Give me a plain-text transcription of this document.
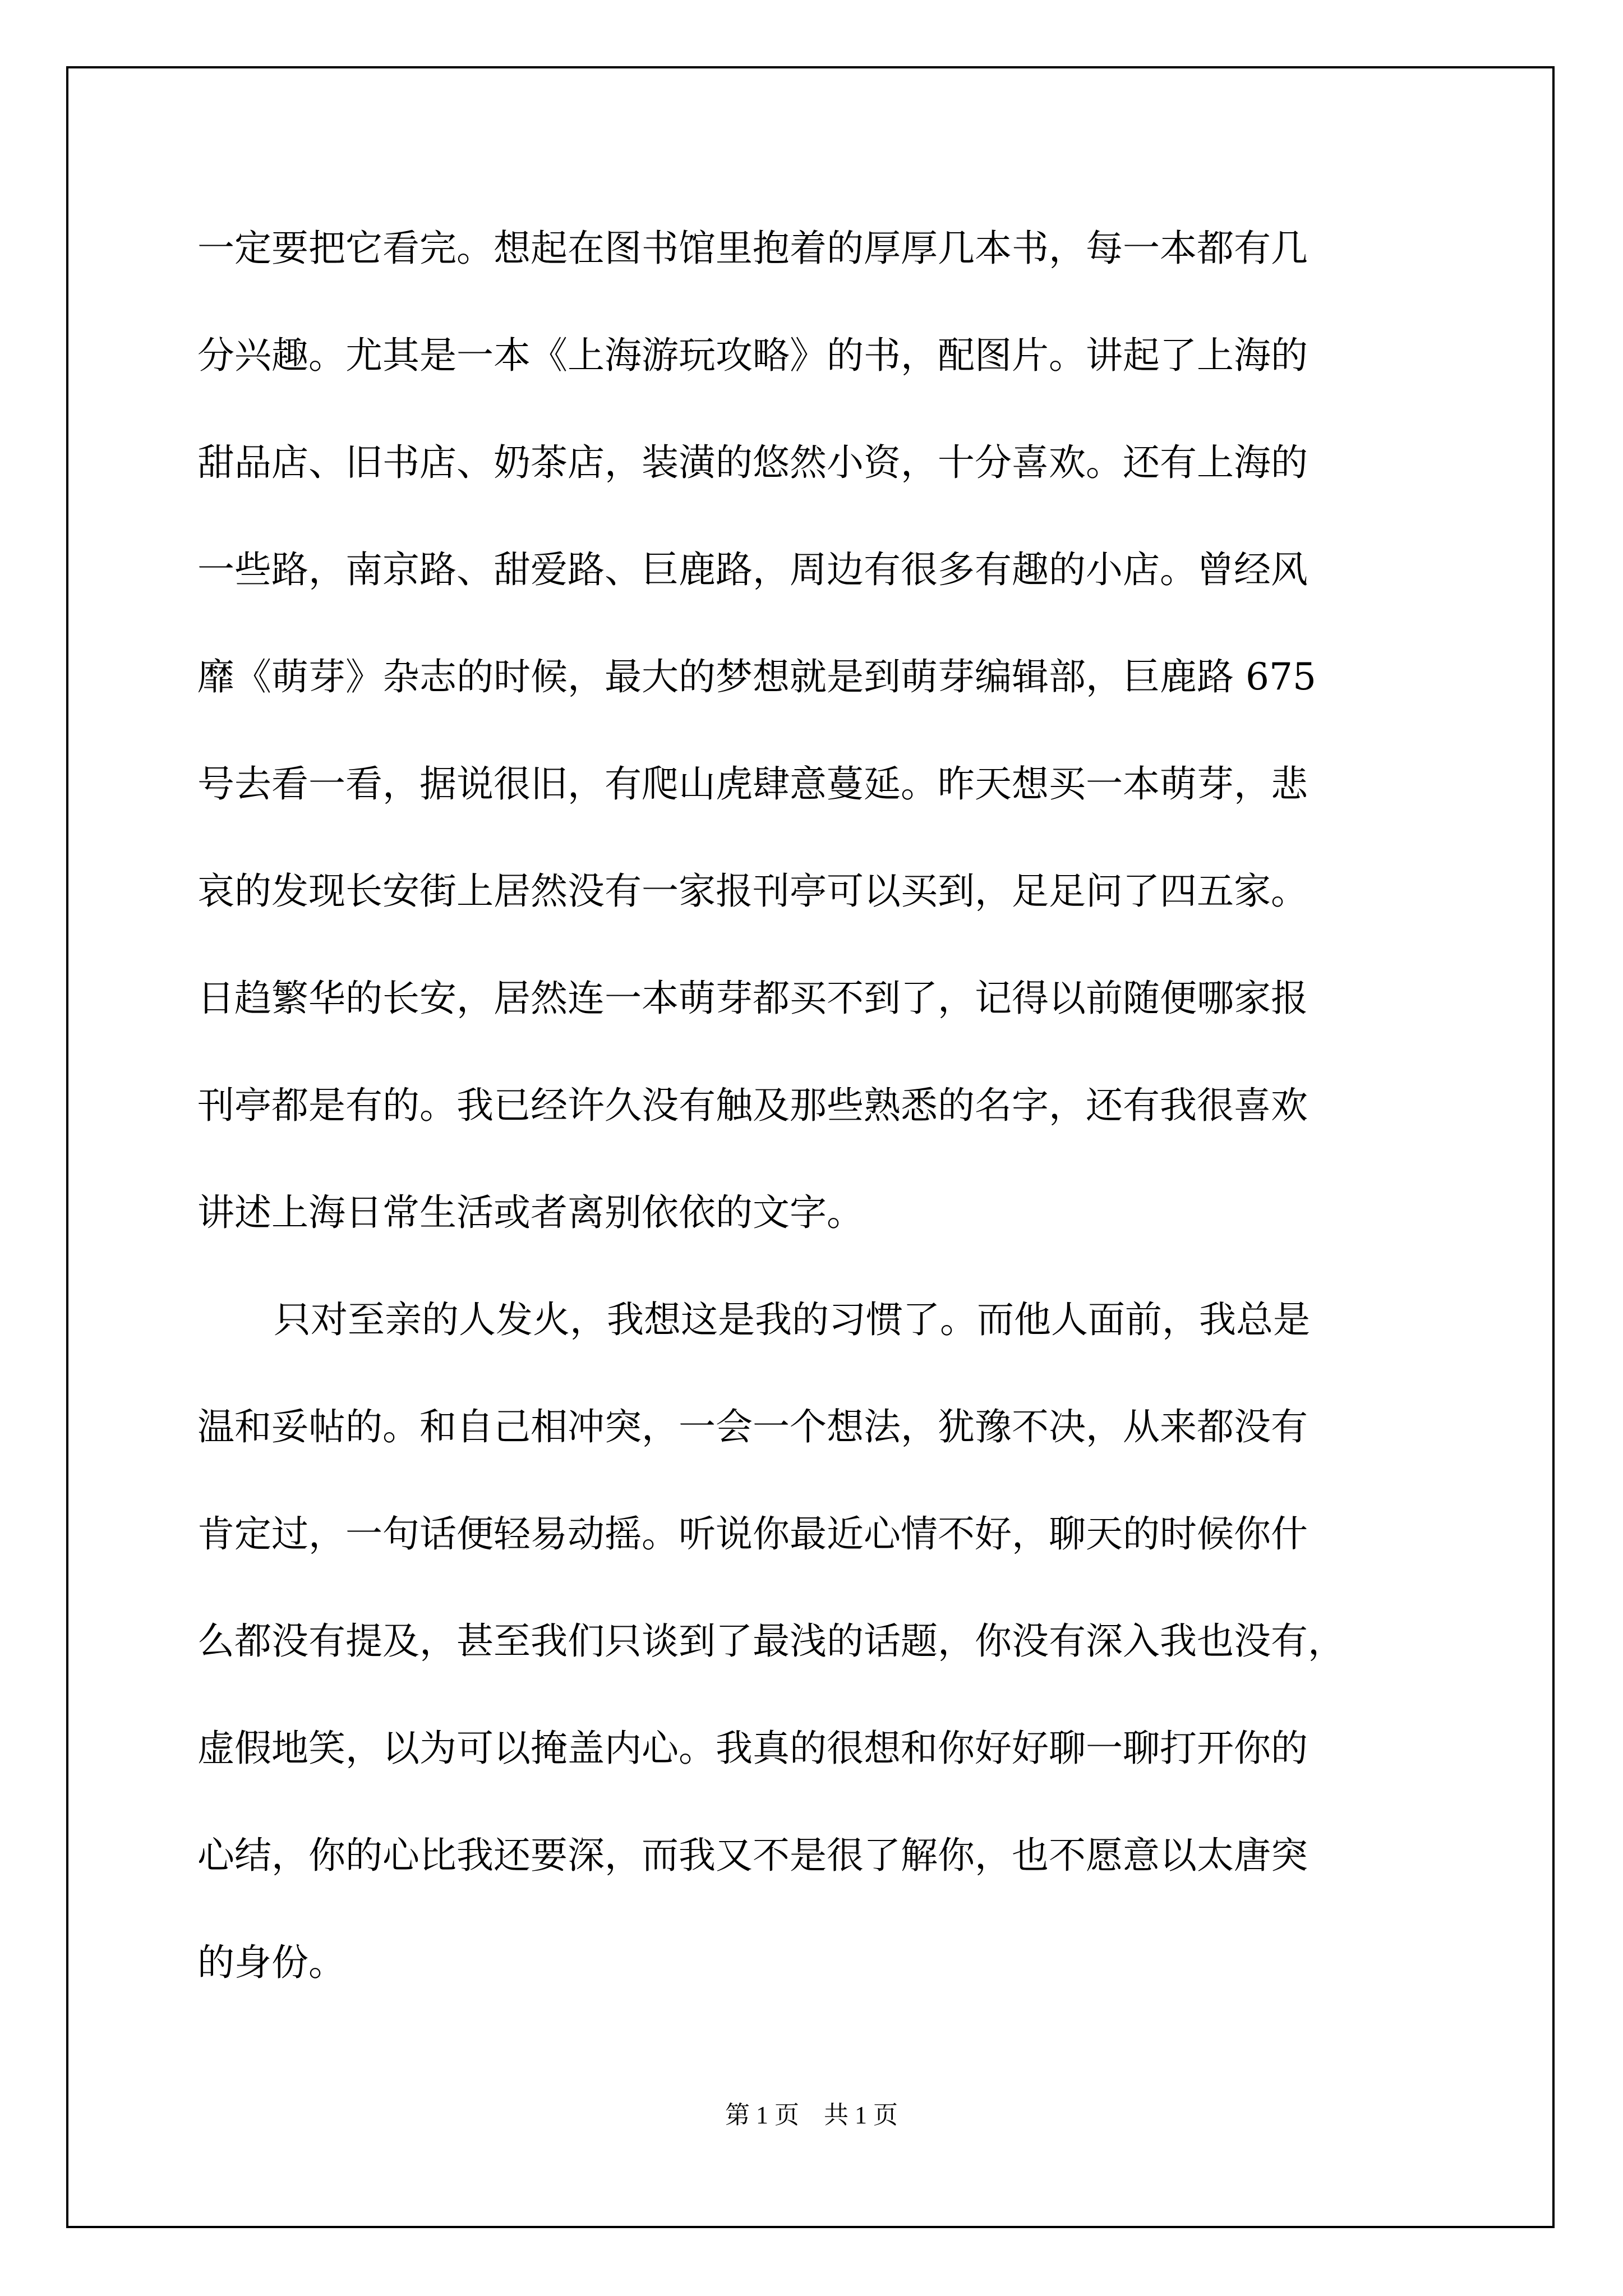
一定要把它看完。想起在图书馆里抱着的厚厚几本书，每一本都有几
分兴趣。尤其是一本《上海游玩攻略》的书，配图片。讲起了上海的
甜品店、旧书店、奶茶店，装潢的悠然小资，十分喜欢。还有上海的
一些路，南京路、甜爱路、巨鹿路，周边有很多有趣的小店。曾经风
靡《萌芽》杂志的时候，最大的梦想就是到萌芽编辑部，巨鹿路 675
号去看一看，据说很旧，有爬山虎肆意蔓延。昨天想买一本萌芽，悲
哀的发现长安街上居然没有一家报刊亭可以买到，足足问了四五家。
日趋繁华的长安，居然连一本萌芽都买不到了，记得以前随便哪家报
刊亭都是有的。我已经许久没有触及那些熟悉的名字，还有我很喜欢
讲述上海日常生活或者离别依依的文字。
只对至亲的人发火，我想这是我的习惯了。而他人面前，我总是
温和妥帖的。和自己相冲突，一会一个想法，犹豫不决，从来都没有
肯定过，一句话便轻易动摇。听说你最近心情不好，聊天的时候你什
么都没有提及，甚至我们只谈到了最浅的话题，你没有深入我也没有，
虚假地笑，以为可以掩盖内心。我真的很想和你好好聊一聊打开你的
心结，你的心比我还要深，而我又不是很了解你，也不愿意以太唐突
的身份。
第 1 页 共 1 页
